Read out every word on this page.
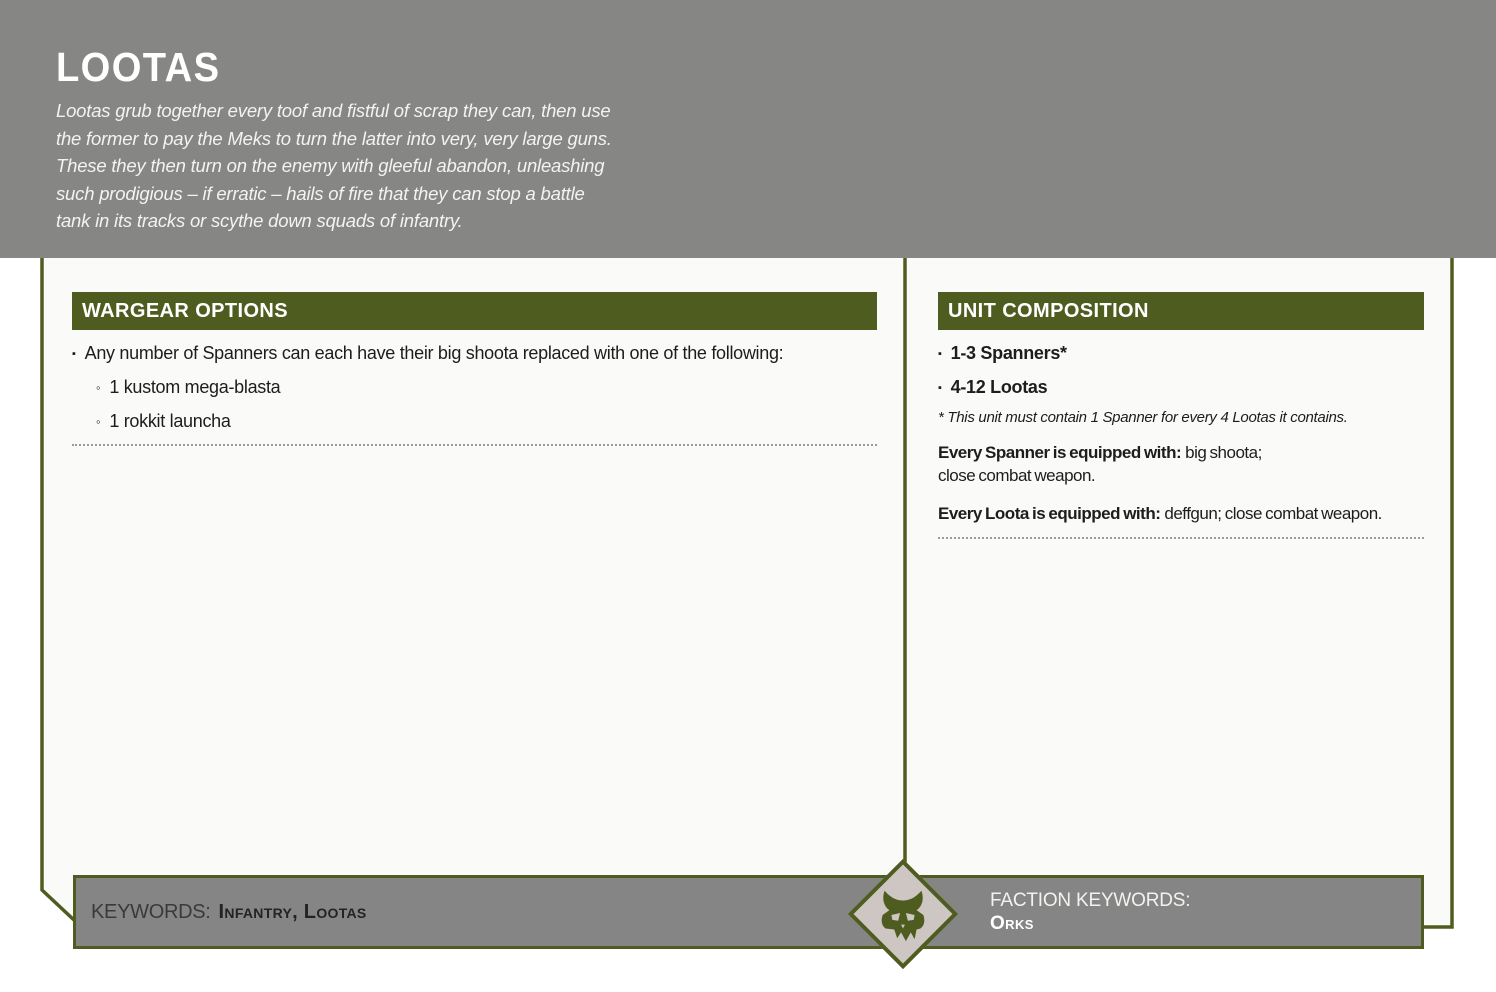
LOOTAS
Lootas grub together every toof and fistful of scrap they can, then use
the former to pay the Meks to turn the latter into very, very large guns.
These they then turn on the enemy with gleeful abandon, unleashing
such prodigious – if erratic – hails of fire that they can stop a battle
tank in its tracks or scythe down squads of infantry.
WARGEAR OPTIONS
▪ Any number of Spanners can each have their big shoota replaced with one of the following:
◦ 1 kustom mega-blasta
◦ 1 rokkit launcha
UNIT COMPOSITION
▪ 1-3 Spanners*
▪ 4-12 Lootas
* This unit must contain 1 Spanner for every 4 Lootas it contains.
Every Spanner is equipped with: big shoota;
close combat weapon.
Every Loota is equipped with: deffgun; close combat weapon.
KEYWORDS: Infantry, Lootas	FACTION KEYWORDS:
Orks
